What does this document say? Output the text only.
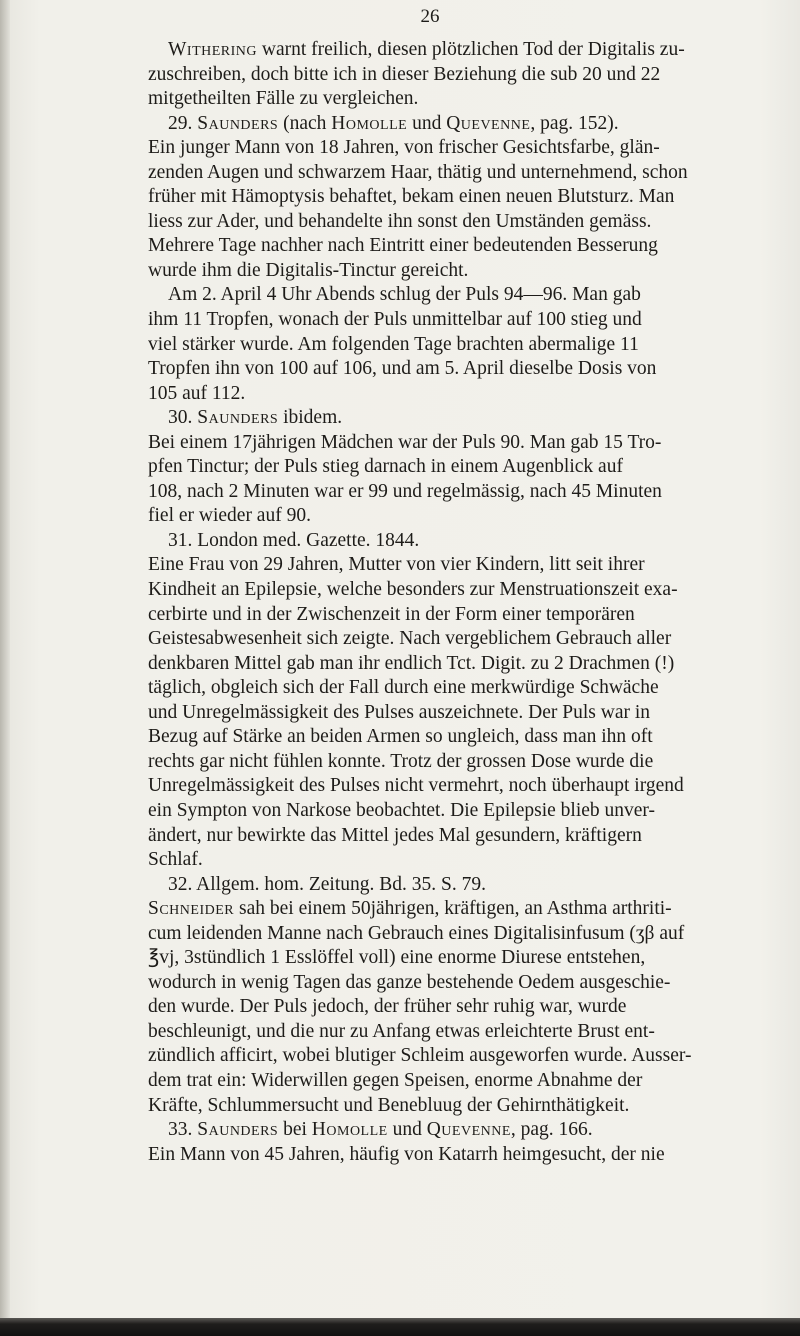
26
Withering warnt freilich, diesen plötzlichen Tod der Digitalis zu-
zuschreiben, doch bitte ich in dieser Beziehung die sub 20 und 22
mitgetheilten Fälle zu vergleichen.
29. Saunders (nach Homolle und Quevenne, pag. 152).
Ein junger Mann von 18 Jahren, von frischer Gesichtsfarbe, glän-
zenden Augen und schwarzem Haar, thätig und unternehmend, schon
früher mit Hämoptysis behaftet, bekam einen neuen Blutsturz. Man
liess zur Ader, und behandelte ihn sonst den Umständen gemäss.
Mehrere Tage nachher nach Eintritt einer bedeutenden Besserung
wurde ihm die Digitalis-Tinctur gereicht.
Am 2. April 4 Uhr Abends schlug der Puls 94—96. Man gab
ihm 11 Tropfen, wonach der Puls unmittelbar auf 100 stieg und
viel stärker wurde. Am folgenden Tage brachten abermalige 11
Tropfen ihn von 100 auf 106, und am 5. April dieselbe Dosis von
105 auf 112.
30. Saunders ibidem.
Bei einem 17jährigen Mädchen war der Puls 90. Man gab 15 Tro-
pfen Tinctur; der Puls stieg darnach in einem Augenblick auf
108, nach 2 Minuten war er 99 und regelmässig, nach 45 Minuten
fiel er wieder auf 90.
31. London med. Gazette. 1844.
Eine Frau von 29 Jahren, Mutter von vier Kindern, litt seit ihrer
Kindheit an Epilepsie, welche besonders zur Menstruationszeit exa-
cerbirte und in der Zwischenzeit in der Form einer temporären
Geistesabwesenheit sich zeigte. Nach vergeblichem Gebrauch aller
denkbaren Mittel gab man ihr endlich Tct. Digit. zu 2 Drachmen (!)
täglich, obgleich sich der Fall durch eine merkwürdige Schwäche
und Unregelmässigkeit des Pulses auszeichnete. Der Puls war in
Bezug auf Stärke an beiden Armen so ungleich, dass man ihn oft
rechts gar nicht fühlen konnte. Trotz der grossen Dose wurde die
Unregelmässigkeit des Pulses nicht vermehrt, noch überhaupt irgend
ein Sympton von Narkose beobachtet. Die Epilepsie blieb unver-
ändert, nur bewirkte das Mittel jedes Mal gesundern, kräftigern
Schlaf.
32. Allgem. hom. Zeitung. Bd. 35. S. 79.
Schneider sah bei einem 50jährigen, kräftigen, an Asthma arthriti-
cum leidenden Manne nach Gebrauch eines Digitalisinfusum (ʒβ auf
℥vj, 3stündlich 1 Esslöffel voll) eine enorme Diurese entstehen,
wodurch in wenig Tagen das ganze bestehende Oedem ausgeschie-
den wurde. Der Puls jedoch, der früher sehr ruhig war, wurde
beschleunigt, und die nur zu Anfang etwas erleichterte Brust ent-
zündlich afficirt, wobei blutiger Schleim ausgeworfen wurde. Ausser-
dem trat ein: Widerwillen gegen Speisen, enorme Abnahme der
Kräfte, Schlummersucht und Benebluug der Gehirnthätigkeit.
33. Saunders bei Homolle und Quevenne, pag. 166.
Ein Mann von 45 Jahren, häufig von Katarrh heimgesucht, der nie
